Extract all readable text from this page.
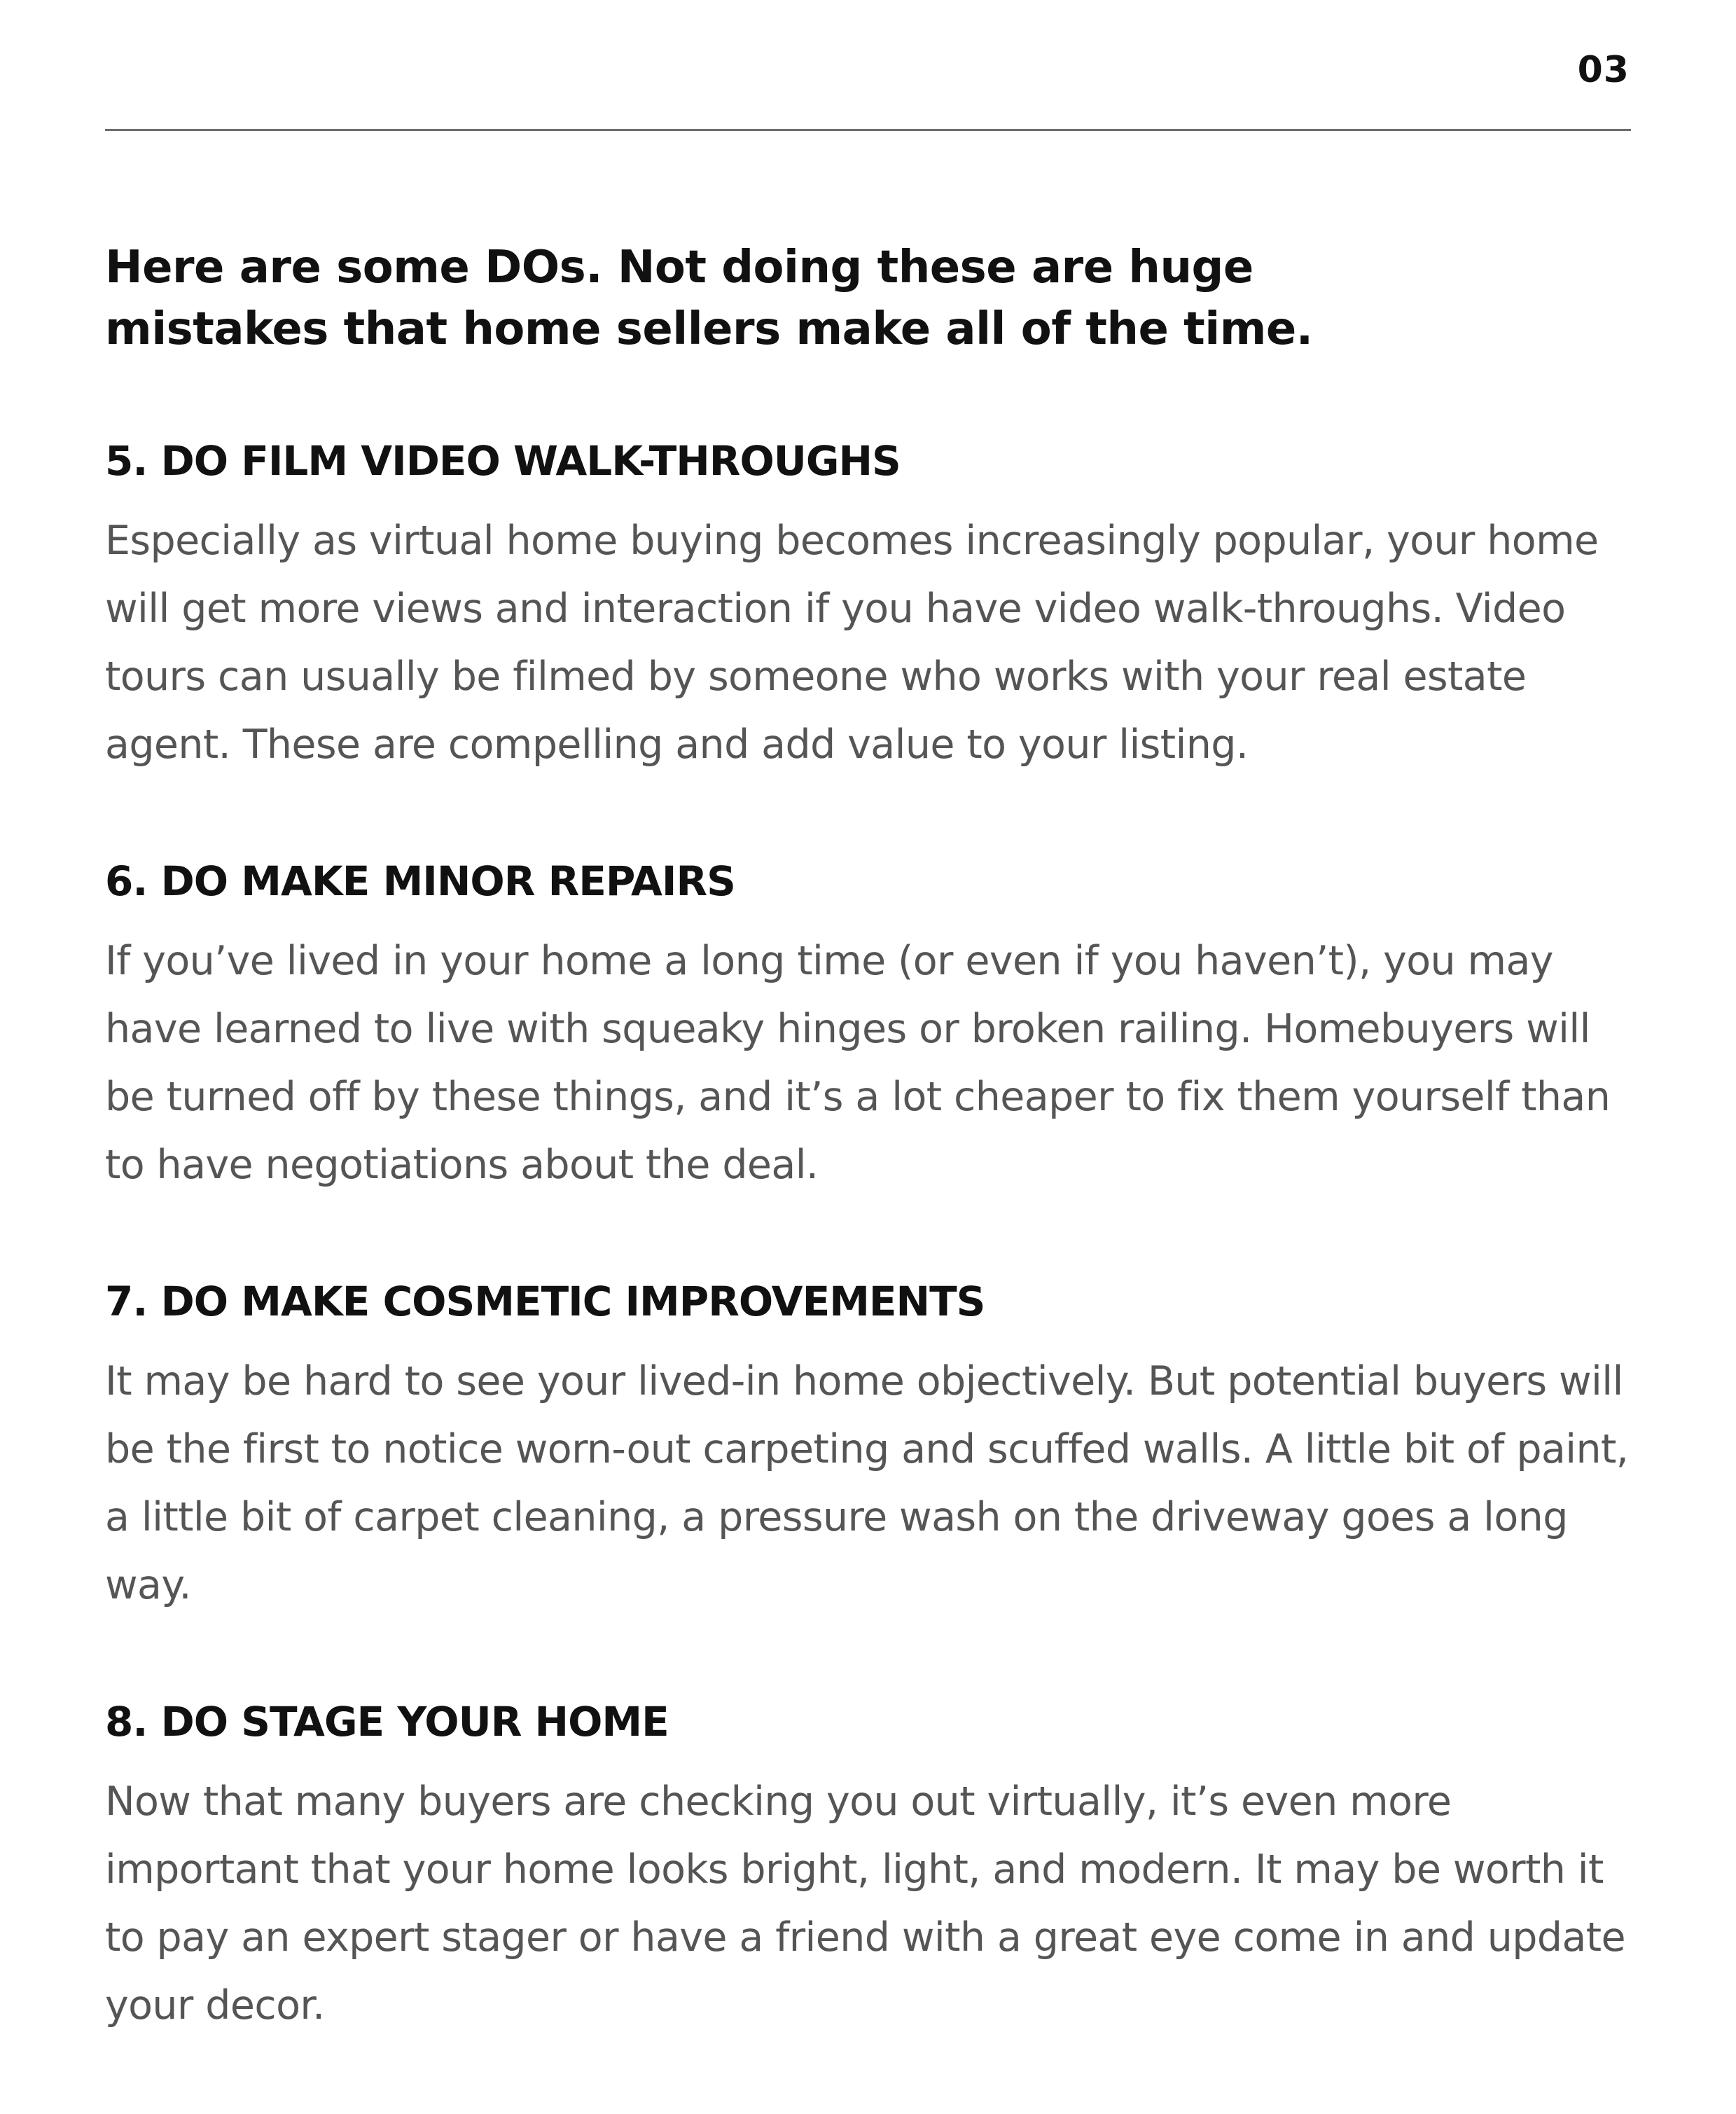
03

Here are some DOs. Not doing these are huge mistakes that home sellers make all of the time.

5. DO FILM VIDEO WALK-THROUGHS

Especially as virtual home buying becomes increasingly popular, your home will get more views and interaction if you have video walk-throughs. Video tours can usually be filmed by someone who works with your real estate agent. These are compelling and add value to your listing.

6. DO MAKE MINOR REPAIRS

If you’ve lived in your home a long time (or even if you haven’t), you may have learned to live with squeaky hinges or broken railing. Homebuyers will be turned off by these things, and it’s a lot cheaper to fix them yourself than to have negotiations about the deal.

7. DO MAKE COSMETIC IMPROVEMENTS

It may be hard to see your lived-in home objectively. But potential buyers will be the first to notice worn-out carpeting and scuffed walls. A little bit of paint, a little bit of carpet cleaning, a pressure wash on the driveway goes a long way.

8. DO STAGE YOUR HOME

Now that many buyers are checking you out virtually, it’s even more important that your home looks bright, light, and modern. It may be worth it to pay an expert stager or have a friend with a great eye come in and update your decor.
